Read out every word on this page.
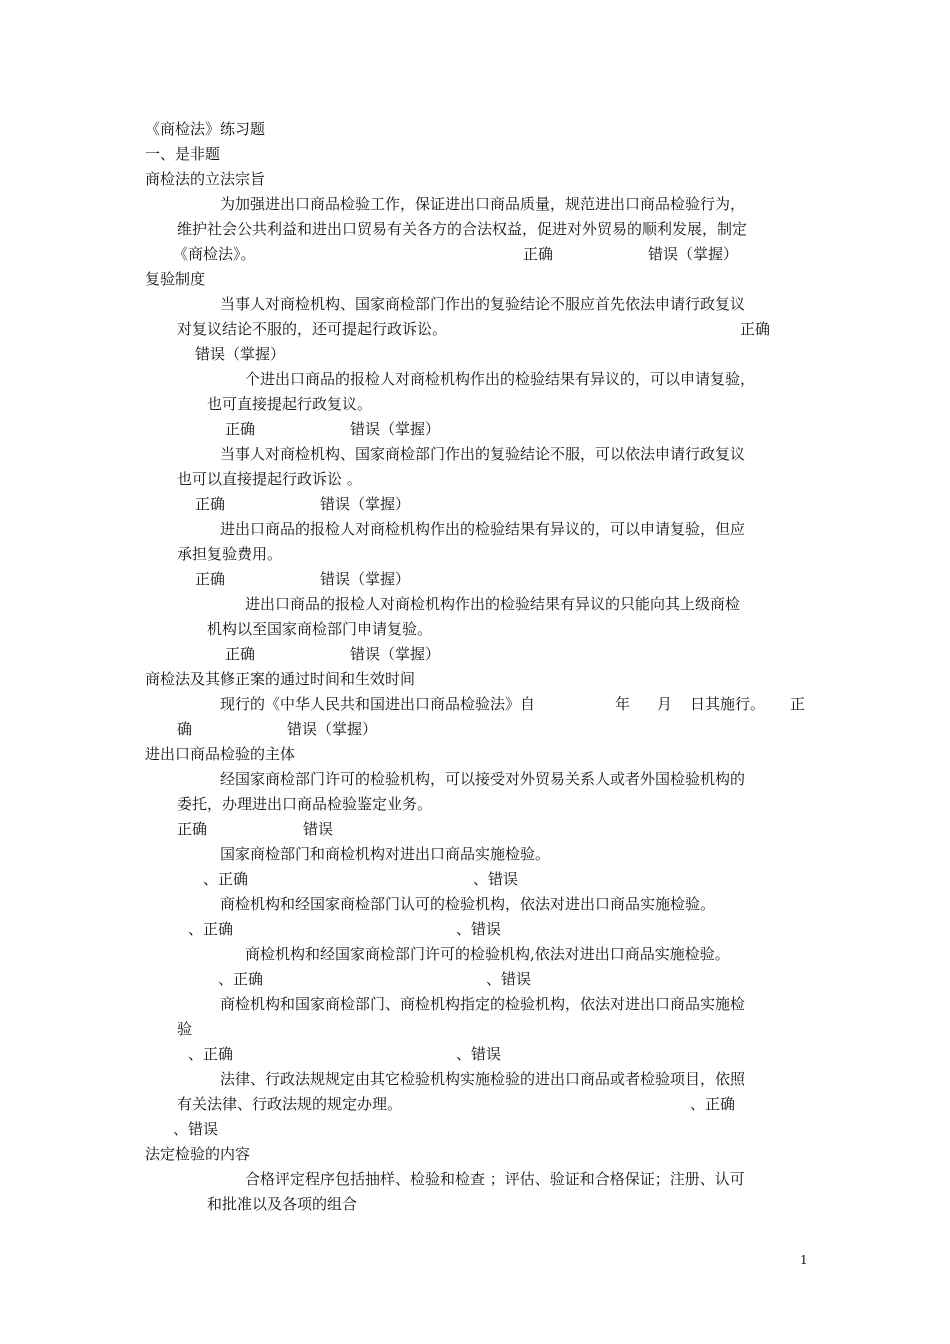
《商检法》练习题
一、是非题
商检法的立法宗旨
为加强进出口商品检验工作，保证进出口商品质量，规范进出口商品检验行为，
维护社会公共利益和进出口贸易有关各方的合法权益，促进对外贸易的顺利发展，制定
《商检法》。	正确	错误（掌握）
复验制度
当事人对商检机构、国家商检部门作出的复验结论不服应首先依法申请行政复议
对复议结论不服的，还可提起行政诉讼。	正确
错误（掌握）
个进出口商品的报检人对商检机构作出的检验结果有异议的，可以申请复验，
也可直接提起行政复议。
正确	错误（掌握）
当事人对商检机构、国家商检部门作出的复验结论不服，可以依法申请行政复议
也可以直接提起行政诉讼 。
正确	错误（掌握）
进出口商品的报检人对商检机构作出的检验结果有异议的，可以申请复验，但应
承担复验费用。
正确	错误（掌握）
进出口商品的报检人对商检机构作出的检验结果有异议的只能向其上级商检
机构以至国家商检部门申请复验。
正确	错误（掌握）
商检法及其修正案的通过时间和生效时间
现行的《中华人民共和国进出口商品检验法》自	年 月 日其施行。 正
确	错误（掌握）
进出口商品检验的主体
经国家商检部门许可的检验机构，可以接受对外贸易关系人或者外国检验机构的
委托，办理进出口商品检验鉴定业务。
正确	错误
国家商检部门和商检机构对进出口商品实施检验。
、正确	、错误
商检机构和经国家商检部门认可的检验机构，依法对进出口商品实施检验。
、正确	、错误
商检机构和经国家商检部门许可的检验机构,依法对进出口商品实施检验。
、正确	、错误
商检机构和国家商检部门、商检机构指定的检验机构，依法对进出口商品实施检
验
、正确	、错误
法律、行政法规规定由其它检验机构实施检验的进出口商品或者检验项目，依照
有关法律、行政法规的规定办理。	、正确
、错误
法定检验的内容
合格评定程序包括抽样、检验和检查 ；评估、验证和合格保证；注册、认可
和批准以及各项的组合
1
